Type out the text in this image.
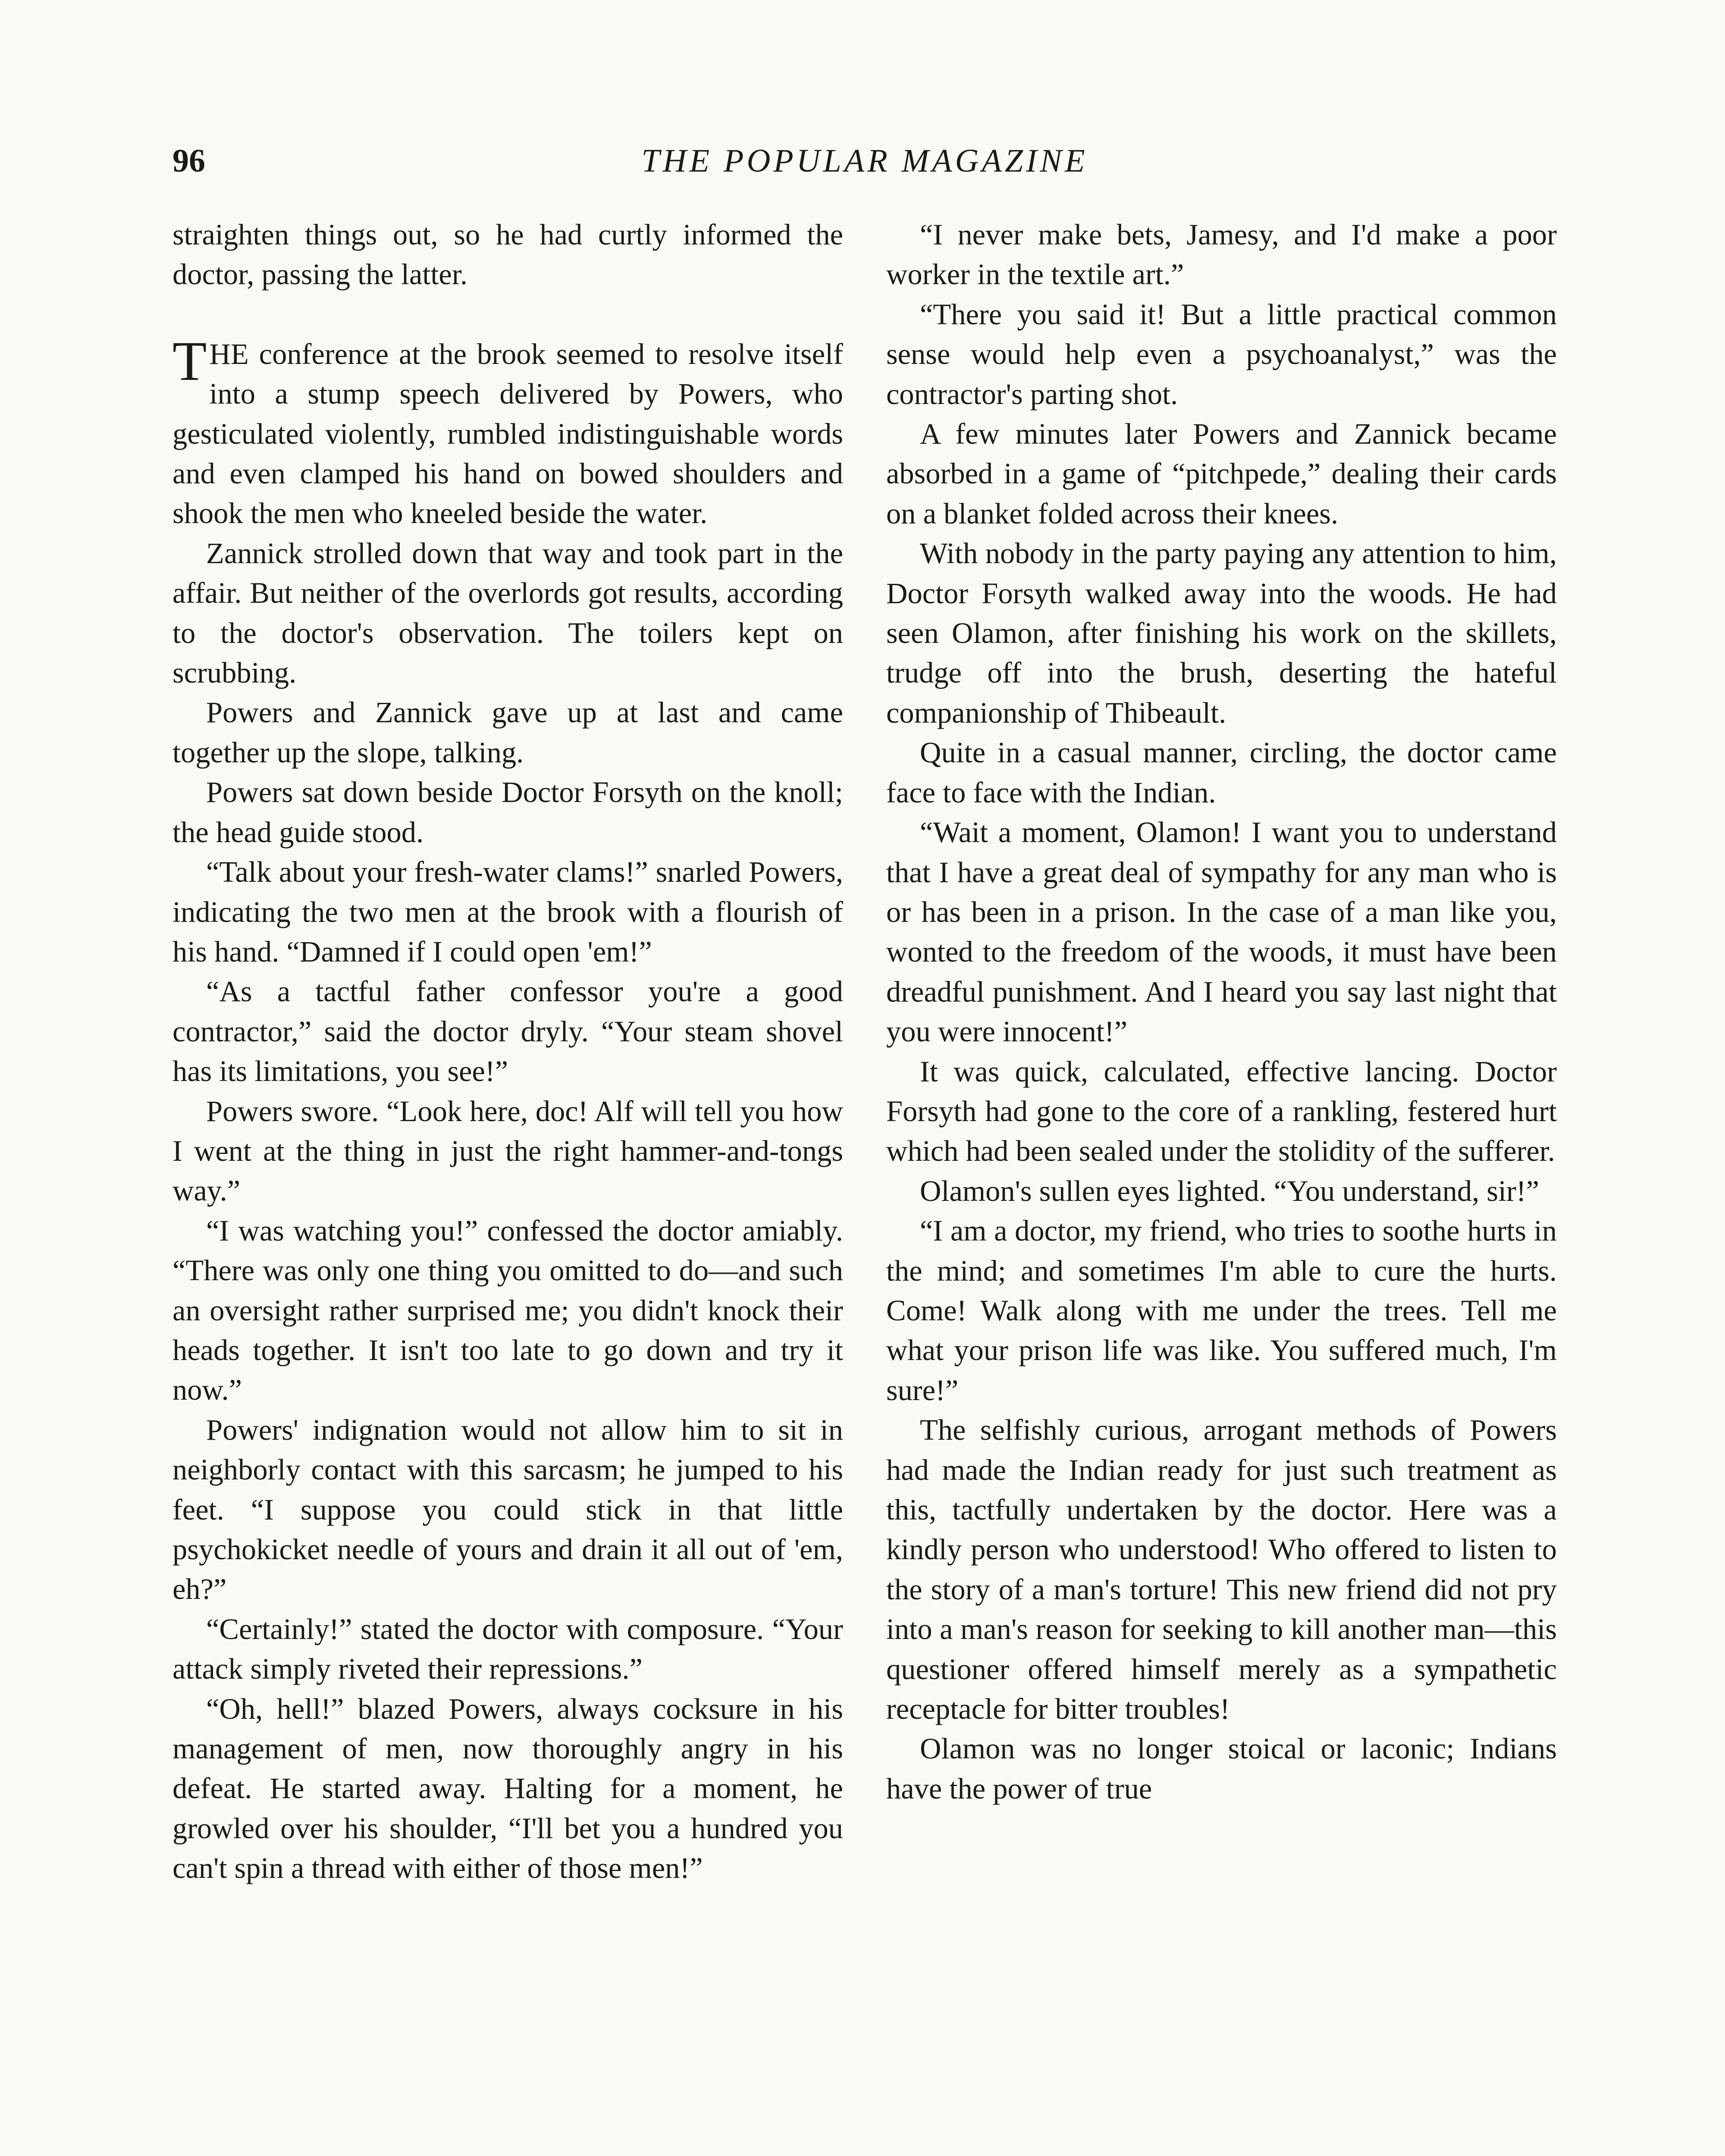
96	THE POPULAR MAGAZINE

straighten things out, so he had curtly informed the doctor, passing the latter.

THE conference at the brook seemed to resolve itself into a stump speech delivered by Powers, who gesticulated violently, rumbled indistinguishable words and even clamped his hand on bowed shoulders and shook the men who kneeled beside the water.

Zannick strolled down that way and took part in the affair. But neither of the overlords got results, according to the doctor's observation. The toilers kept on scrubbing.

Powers and Zannick gave up at last and came together up the slope, talking.

Powers sat down beside Doctor Forsyth on the knoll; the head guide stood.

“Talk about your fresh-water clams!” snarled Powers, indicating the two men at the brook with a flourish of his hand. “Damned if I could open 'em!”

“As a tactful father confessor you're a good contractor,” said the doctor dryly. “Your steam shovel has its limitations, you see!”

Powers swore. “Look here, doc! Alf will tell you how I went at the thing in just the right hammer-and-tongs way.”

“I was watching you!” confessed the doctor amiably. “There was only one thing you omitted to do—and such an oversight rather surprised me; you didn't knock their heads together. It isn't too late to go down and try it now.”

Powers' indignation would not allow him to sit in neighborly contact with this sarcasm; he jumped to his feet. “I suppose you could stick in that little psychokicket needle of yours and drain it all out of 'em, eh?”

“Certainly!” stated the doctor with composure. “Your attack simply riveted their repressions.”

“Oh, hell!” blazed Powers, always cocksure in his management of men, now thoroughly angry in his defeat. He started away. Halting for a moment, he growled over his shoulder, “I'll bet you a hundred you can't spin a thread with either of those men!”

“I never make bets, Jamesy, and I'd make a poor worker in the textile art.”

“There you said it! But a little practical common sense would help even a psychoanalyst,” was the contractor's parting shot.

A few minutes later Powers and Zannick became absorbed in a game of “pitchpede,” dealing their cards on a blanket folded across their knees.

With nobody in the party paying any attention to him, Doctor Forsyth walked away into the woods. He had seen Olamon, after finishing his work on the skillets, trudge off into the brush, deserting the hateful companionship of Thibeault.

Quite in a casual manner, circling, the doctor came face to face with the Indian.

“Wait a moment, Olamon! I want you to understand that I have a great deal of sympathy for any man who is or has been in a prison. In the case of a man like you, wonted to the freedom of the woods, it must have been dreadful punishment. And I heard you say last night that you were innocent!”

It was quick, calculated, effective lancing. Doctor Forsyth had gone to the core of a rankling, festered hurt which had been sealed under the stolidity of the sufferer.

Olamon's sullen eyes lighted. “You understand, sir!”

“I am a doctor, my friend, who tries to soothe hurts in the mind; and sometimes I'm able to cure the hurts. Come! Walk along with me under the trees. Tell me what your prison life was like. You suffered much, I'm sure!”

The selfishly curious, arrogant methods of Powers had made the Indian ready for just such treatment as this, tactfully undertaken by the doctor. Here was a kindly person who understood! Who offered to listen to the story of a man's torture! This new friend did not pry into a man's reason for seeking to kill another man—this questioner offered himself merely as a sympathetic receptacle for bitter troubles!

Olamon was no longer stoical or laconic; Indians have the power of true
